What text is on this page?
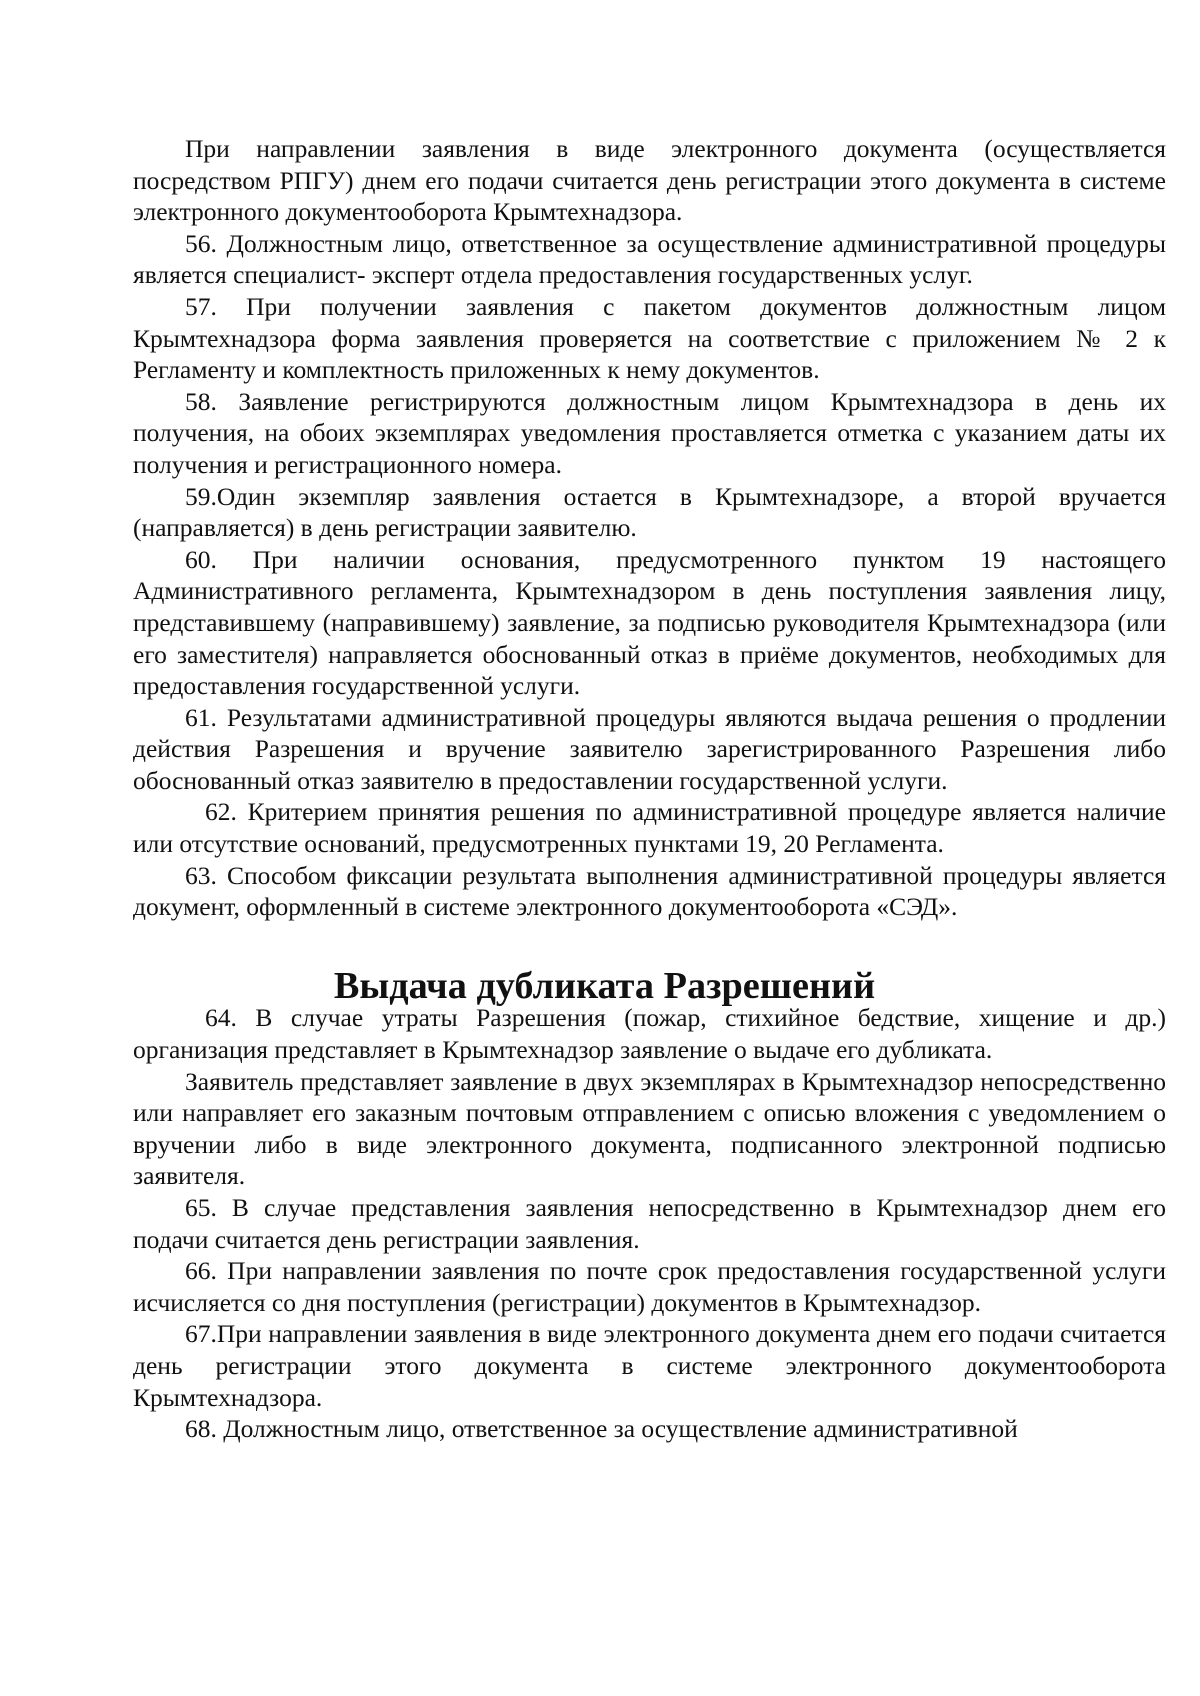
При направлении заявления в виде электронного документа (осуществляется посредством РПГУ) днем его подачи считается день регистрации этого документа в системе электронного документооборота Крымтехнадзора.

56. Должностным лицо, ответственное за осуществление административной процедуры является специалист- эксперт отдела предоставления государственных услуг.

57. При получении заявления с пакетом документов должностным лицом Крымтехнадзора форма заявления проверяется на соответствие с приложением № 2 к Регламенту и комплектность приложенных к нему документов.

58. Заявление регистрируются должностным лицом Крымтехнадзора в день их получения, на обоих экземплярах уведомления проставляется отметка с указанием даты их получения и регистрационного номера.

59.Один экземпляр заявления остается в Крымтехнадзоре, а второй вручается (направляется) в день регистрации заявителю.

60. При наличии основания, предусмотренного пунктом 19 настоящего Административного регламента, Крымтехнадзором в день поступления заявления лицу, представившему (направившему) заявление, за подписью руководителя Крымтехнадзора (или его заместителя) направляется обоснованный отказ в приёме документов, необходимых для предоставления государственной услуги.

61. Результатами административной процедуры являются выдача решения о продлении действия Разрешения и вручение заявителю зарегистрированного Разрешения либо обоснованный отказ заявителю в предоставлении государственной услуги.

62. Критерием принятия решения по административной процедуре является наличие или отсутствие оснований, предусмотренных пунктами 19, 20 Регламента.

63. Способом фиксации результата выполнения административной процедуры является документ, оформленный в системе электронного документооборота «СЭД».

Выдача дубликата Разрешений

64. В случае утраты Разрешения (пожар, стихийное бедствие, хищение и др.) организация представляет в Крымтехнадзор заявление о выдаче его дубликата.

Заявитель представляет заявление в двух экземплярах в Крымтехнадзор непосредственно или направляет его заказным почтовым отправлением с описью вложения с уведомлением о вручении либо в виде электронного документа, подписанного электронной подписью заявителя.

65. В случае представления заявления непосредственно в Крымтехнадзор днем его подачи считается день регистрации заявления.

66. При направлении заявления по почте срок предоставления государственной услуги исчисляется со дня поступления (регистрации) документов в Крымтехнадзор.

67.При направлении заявления в виде электронного документа днем его подачи считается день регистрации этого документа в системе электронного документооборота Крымтехнадзора.

68. Должностным лицо, ответственное за осуществление административной
